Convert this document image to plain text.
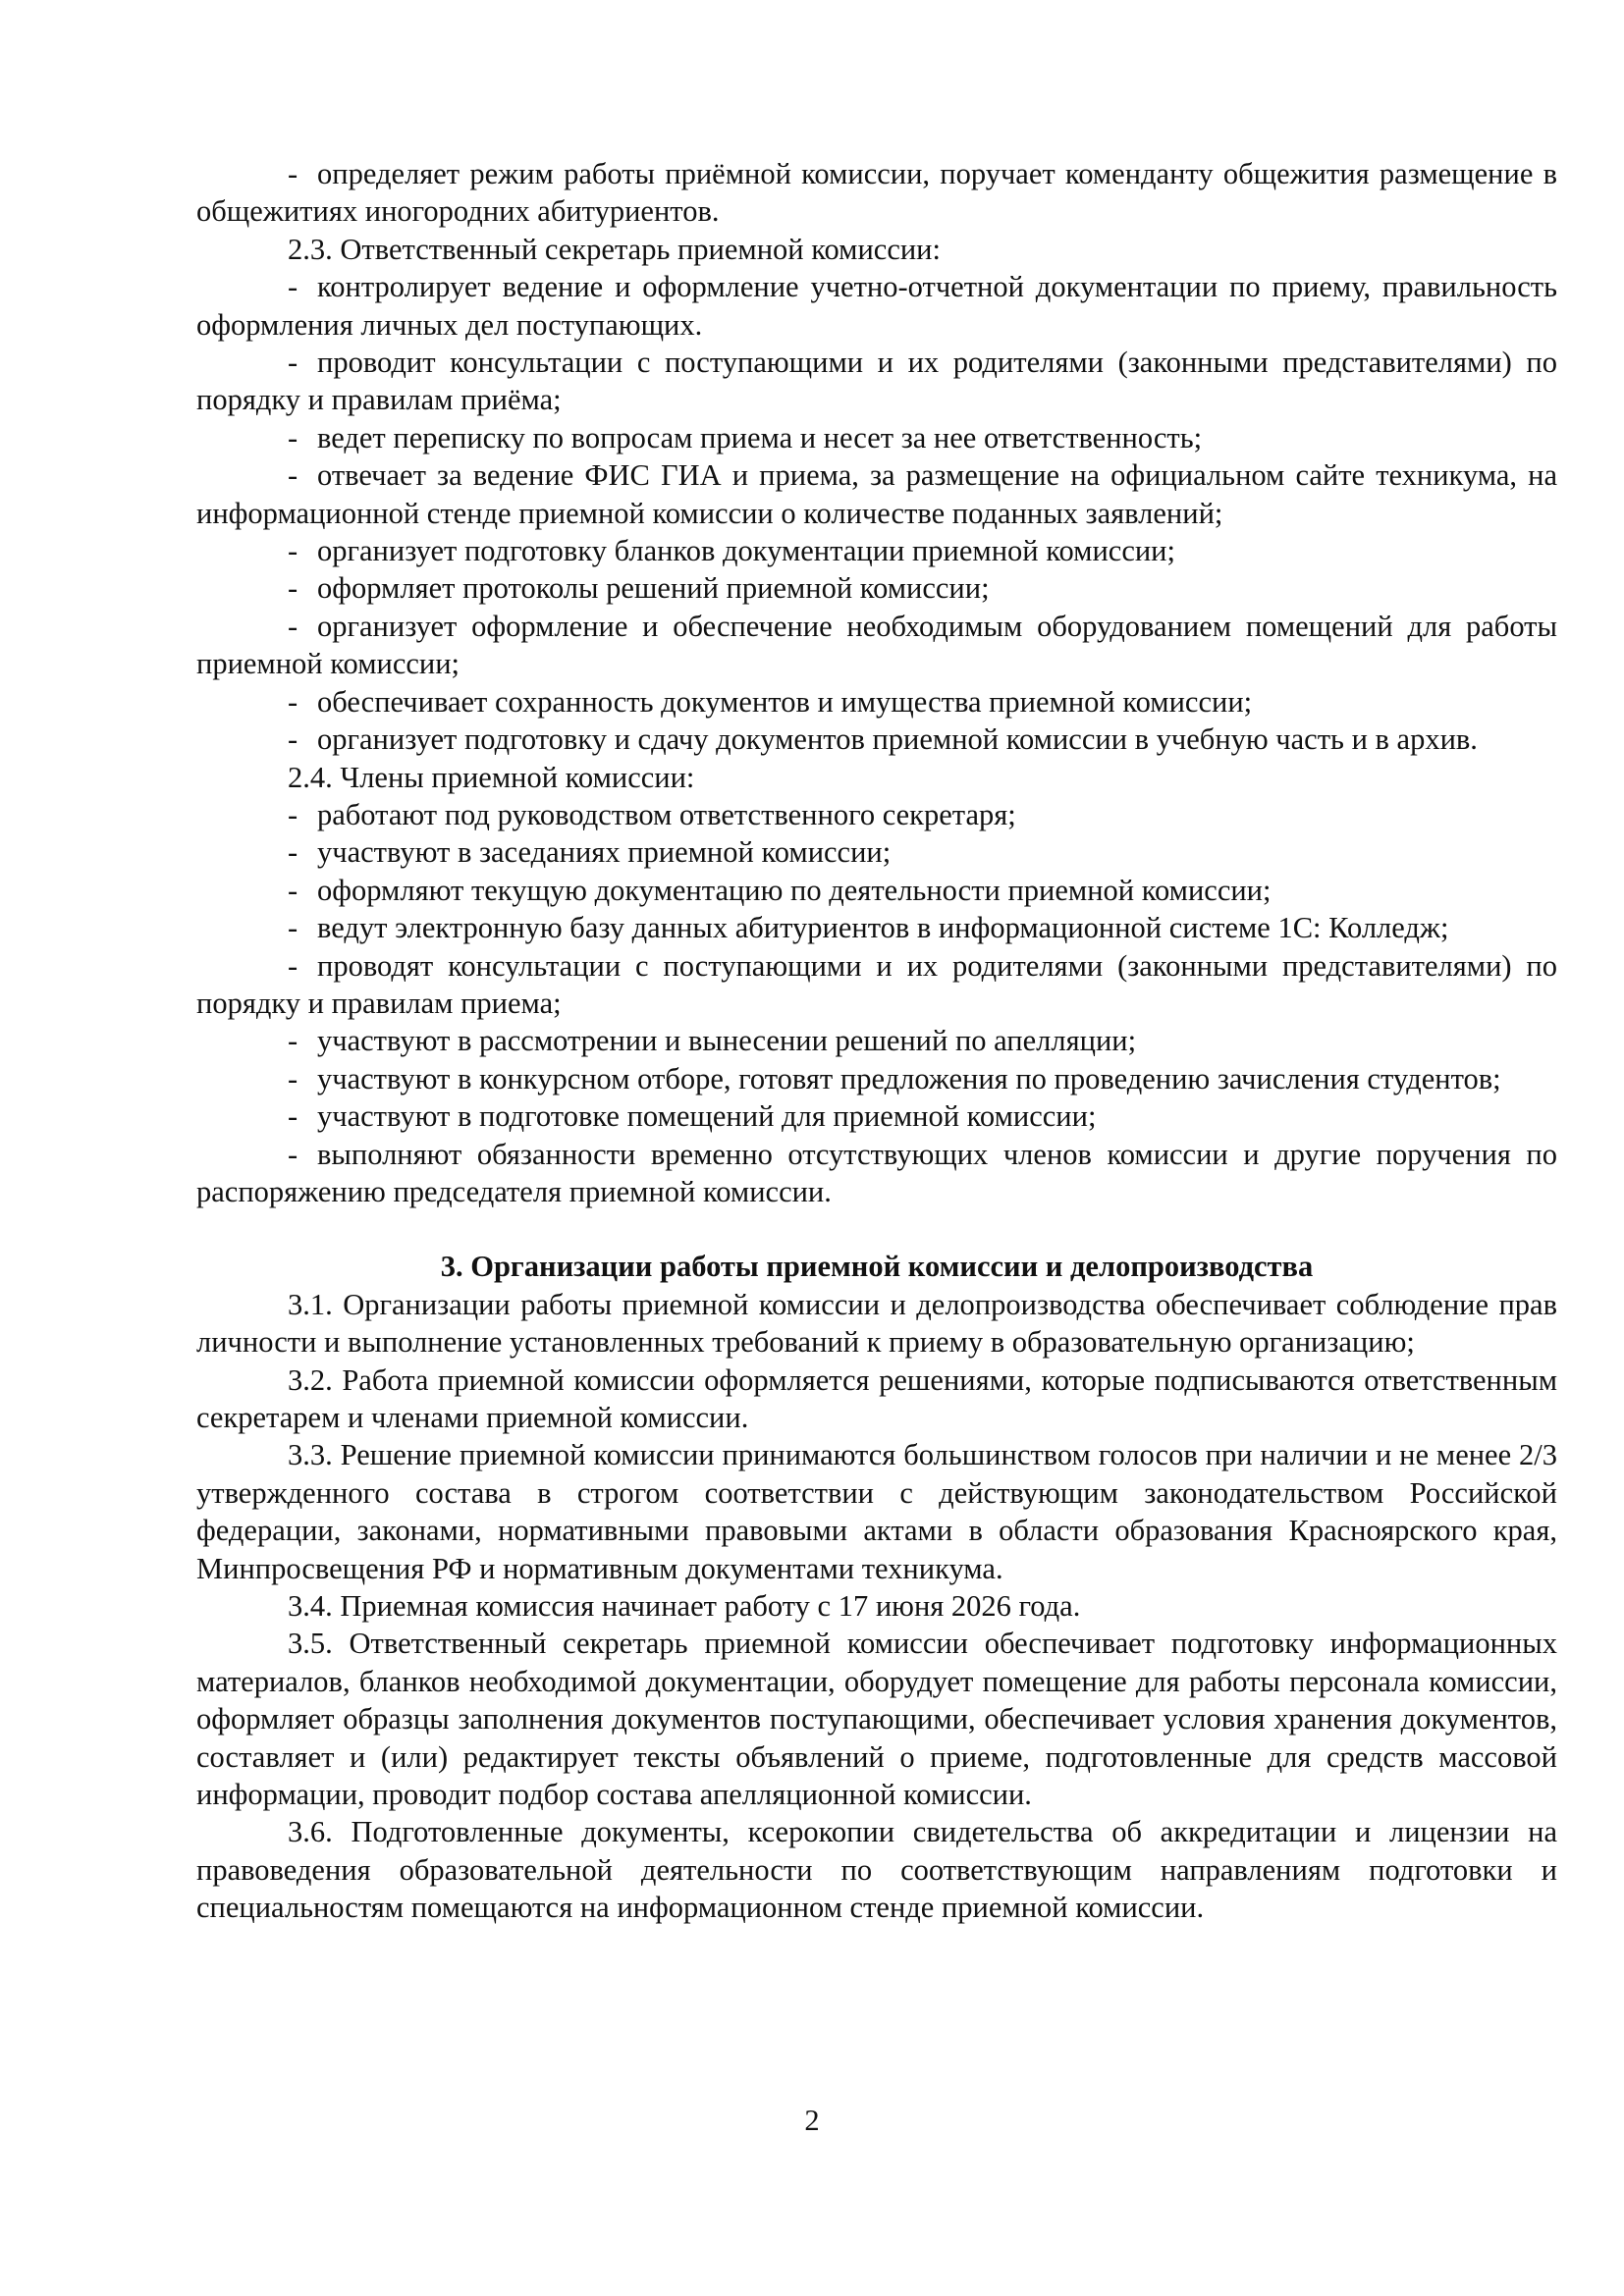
- определяет режим работы приёмной комиссии, поручает коменданту общежития размещение в общежитиях иногородних абитуриентов.

2.3. Ответственный секретарь приемной комиссии:

- контролирует ведение и оформление учетно-отчетной документации по приему, правильность оформления личных дел поступающих.

- проводит консультации с поступающими и их родителями (законными представителями) по порядку и правилам приёма;

- ведет переписку по вопросам приема и несет за нее ответственность;

- отвечает за ведение ФИС ГИА и приема, за размещение на официальном сайте техникума, на информационной стенде приемной комиссии о количестве поданных заявлений;

- организует подготовку бланков документации приемной комиссии;

- оформляет протоколы решений приемной комиссии;

- организует оформление и обеспечение необходимым оборудованием помещений для работы приемной комиссии;

- обеспечивает сохранность документов и имущества приемной комиссии;

- организует подготовку и сдачу документов приемной комиссии в учебную часть и в архив.

2.4. Члены приемной комиссии:

- работают под руководством ответственного секретаря;

- участвуют в заседаниях приемной комиссии;

- оформляют текущую документацию по деятельности приемной комиссии;

- ведут электронную базу данных абитуриентов в информационной системе 1С: Колледж;

- проводят консультации с поступающими и их родителями (законными представителями) по порядку и правилам приема;

- участвуют в рассмотрении и вынесении решений по апелляции;

- участвуют в конкурсном отборе, готовят предложения по проведению зачисления студентов;

- участвуют в подготовке помещений для приемной комиссии;

- выполняют обязанности временно отсутствующих членов комиссии и другие поручения по распоряжению председателя приемной комиссии.

3. Организации работы приемной комиссии и делопроизводства

3.1. Организации работы приемной комиссии и делопроизводства обеспечивает соблюдение прав личности и выполнение установленных требований к приему в образовательную организацию;

3.2. Работа приемной комиссии оформляется решениями, которые подписываются ответственным секретарем и членами приемной комиссии.

3.3. Решение приемной комиссии принимаются большинством голосов при наличии и не менее 2/3 утвержденного состава в строгом соответствии с действующим законодательством Российской федерации, законами, нормативными правовыми актами в области образования Красноярского края, Минпросвещения РФ и нормативным документами техникума.

3.4. Приемная комиссия начинает работу с 17 июня 2026 года.

3.5. Ответственный секретарь приемной комиссии обеспечивает подготовку информационных материалов, бланков необходимой документации, оборудует помещение для работы персонала комиссии, оформляет образцы заполнения документов поступающими, обеспечивает условия хранения документов, составляет и (или) редактирует тексты объявлений о приеме, подготовленные для средств массовой информации, проводит подбор состава апелляционной комиссии.

3.6. Подготовленные документы, ксерокопии свидетельства об аккредитации и лицензии на правоведения образовательной деятельности по соответствующим направлениям подготовки и специальностям помещаются на информационном стенде приемной комиссии.

2
